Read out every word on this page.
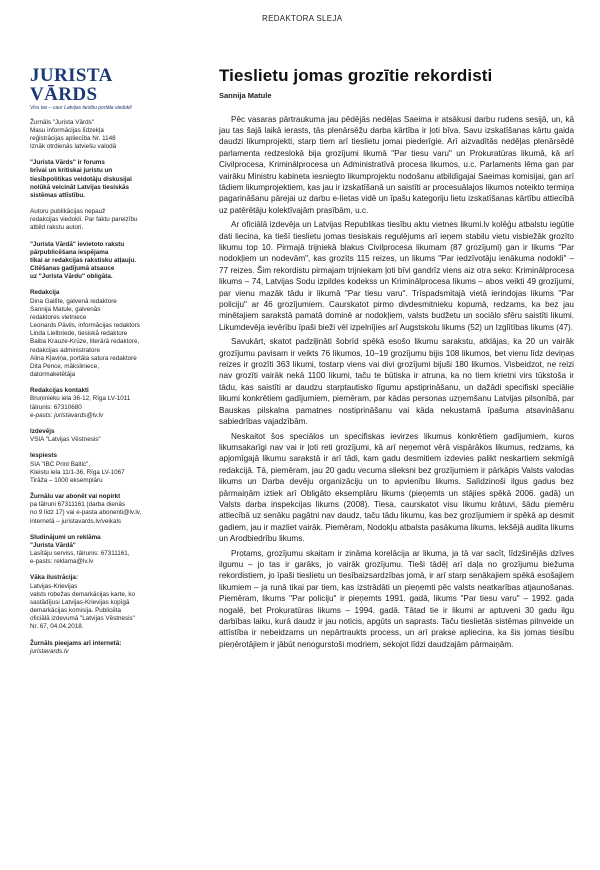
REDAKTORA SLEJA
JURISTA VĀRDS
Viss tas – caur Latvijas tiesību portāla viedokli
Žurnāls "Jurista Vārds"
Masu informācijas līdzekļa
reģistrācijas apliecība Nr. 1148
Iznāk otrdienās latviešu valodā
"Jurista Vārds" ir forums
brīvai un kritiskai juristu un
tiesībpolitikas veidotāju diskusijai
nolūkā veicināt Latvijas tiesiskās
sistēmas attīstību.
Autoru publikācijas nepauž
redakcijas viedokli. Par faktu pareizību
atbild rakstu autori.
"Jurista Vārdā" ievietoto rakstu
pārpublicēšana iespējama
tikai ar redakcijas rakstisku atļauju.
Citēšanas gadījumā atsauce
uz "Jurista Vārdu" obligāta.
Redakcija
Dina Gailīte, galvenā redaktore
Sannija Matule, galvenās
redaktores vietniece
Leonards Pāvils, informācijas redaktors
Linda Lielbriede, tiesiskā redaktore
Baiba Krauze-Krūze, literārā redaktore,
redakcijas administratore
Alina Kļaviņa, portāla satura redaktore
Dita Pence, māksliniece,
datormaketētāja
Redakcijas kontakti
Bruņinieku iela 36-12, Rīga LV-1011
tālrunis: 67310680
e-pasts: juristavards@lv.lv
Izdevējs
VSIA "Latvijas Vēstnesis"
Iespiests
SIA "IBC Print Baltic",
Kleistu iela 11/1-36, Rīga LV-1067
Tirāža – 1000 eksemplāru
Žurnālu var abonēt vai nopirkt
pa tālruni 67311161 (darba dienās
no 9 līdz 17) vai e-pasta abonenti@lv.lv,
internetā – juristavards.lv/veikals
Sludinājumi un reklāma
"Jurista Vārdā"
Lasītāju serviss, tālrunis: 67311161,
e-pasts: reklama@lv.lv
Vāka ilustrācija:
Latvijas-Krievijas
valsts robežas demarkācijas karte, ko
sastādījusi Latvijas-Krievijas kopīgā
demarkācijas komisija. Publicēta
oficiālā izdevumā "Latvijas Vēstnesis"
Nr. 67, 04.04.2018.
Žurnāls pieejams arī internetā:
juristavards.lv
Tieslietu jomas grozītie rekordisti
Sannija Matule

Pēc vasaras pārtraukuma jau pēdējās nedēļas Saeima ir atsākusi darbu rudens sesijā, un, kā jau tas šajā laikā ierasts, tās plenārsēžu darba kārtība ir ļoti bīva. Savu izskatīšanas kārtu gaida daudzi likumprojekti, starp tiem arī tieslietu jomai piederīgie. Arī aizvadītās nedēļas plenārsēdē parlamenta redzeslokā bija grozījumi likumā "Par tiesu varu" un Prokuratūras likumā, kā arī Civilprocesa, Kriminālprocesa un Administratīvā procesa likumos, u.c. Parlaments lēma gan par vairāku Ministru kabineta iesniegto likumprojektu nodošanu atbildīgajai Saeimas komisijai, gan arī tādiem likumprojektiem, kas jau ir izskatīšanā un saistīti ar procesuālajos likumos noteikto termiņa pagarināšanu pārejai uz darbu e-lietas vidē un īpašu kategoriju lietu izskatīšanas kārtību attiecībā uz patērētāju kolektīvajām prasībām, u.c.

Ar oficiālā izdevēja un Latvijas Republikas tiesību aktu vietnes likumi.lv kolēģu atbalstu iegūtie dati liecina, ka tiešī tieslietu jomas tiesiskais regulējums arī ieņem stabilu vietu visbiežāk grozīto likumu top 10. Pirmajā trijniekā blakus Civilprocesa likumam (87 grozījumi) gan ir likums "Par nodokļiem un nodevām", kas grozīts 115 reizes, un likums "Par iedzīvotāju ienākuma nodokli" – 77 reizes. Šim rekordistu pirmajam trijniekam ļoti bīvi gandrīz viens aiz otra seko: Kriminālprocesa likums – 74, Latvijas Sodu izpildes kodekss un Kriminālprocesa likums – abos veikti 49 grozījumi, par vienu mazāk tādu ir likumā "Par tiesu varu". Trīspadsmitajā vietā ierindojas likums "Par policiju" ar 46 grozījumiem. Caurskatot pirmo divdesmitnieku kopumā, redzams, ka bez jau minētajiem sarakstā pamatā dominē ar nodokļiem, valsts budžetu un sociālo sfēru saistīti likumi. Likumdevēja ievērību īpaši bieži vēl izpelnījies arī Augstskolu likums (52) un Izglītības likums (47).

Savukārt, skatot padziļināti šobrīd spēkā esošo likumu sarakstu, atklājas, ka 20 un vairāk grozījumu pavisam ir veikts 76 likumos, 10–19 grozījumu bijis 108 likumos, bet vienu līdz deviņas reizes ir grozīti 363 likumi, tostarp viens vai divi grozījumi bijuši 180 likumos. Visbeidzot, ne reizi nav grozīti vairāk nekā 1100 likumi, taču te būtiska ir atruna, ka no tiem krietni virs tūkstoša ir tādu, kas saistīti ar daudzu starptautisko līgumu apstiprināšanu, un dažādi specifiski speciālie likumi konkrētiem gadījumiem, piemēram, par kādas personas uzņemšanu Latvijas pilsonībā, par Bauskas pilskalna pamatnes nostiprināšanu vai kāda nekustamā īpašuma atsavināšanu sabiedrības vajadzībām.

Neskaitot šos speciālos un specifiskas ievirzes likumus konkrētiem gadījumiem, kuros likumsakarīgi nav vai ir ļoti reti grozījumi, kā arī neņemot vērā vispārākos likumus, redzams, ka apjomīgajā likumu sarakstā ir arī tādi, kam gadu desmitiem izdevies palikt neskartiem sekmīgā redakcijā. Tā, piemēram, jau 20 gadu vecuma slieksni bez grozījumiem ir pārkāpis Valsts valodas likums un Darba devēju organizāciju un to apvienību likums. Salīdzinoši ilgus gadus bez pārmaiņām iztiek arī Obligāto eksemplāru likums (pieņemts un stājies spēkā 2006. gadā) un Valsts darba inspekcijas likums (2008). Tiesa, caurskatot visu likumu krātuvi, šādu piemēru attiecībā uz senāku pagātni nav daudz, taču tādu likumu, kas bez grozījumiem ir spēkā ap desmit gadiem, jau ir mazliet vairāk. Piemēram, Nodokļu atbalsta pasākuma likums, lekšējā audita likums un Arodbiedrību likums.

Protams, grozījumu skaitam ir zināma korelācija ar likuma, ja tā var sacīt, līdzšinējās dzīves ilgumu – jo tas ir garāks, jo vairāk grozījumu. Tieši tādēļ arī daļa no grozījumu biežuma rekordistiem, jo īpaši tieslietu un tiesībaizsardzības jomā, ir arī starp senākajiem spēkā esošajiem likumiem – ja runā tikai par tiem, kas izstrādāti un pieņemti pēc valsts neatkarības atjaunošanas. Piemēram, likums "Par policiju" ir pieņemts 1991. gadā, likums "Par tiesu varu" – 1992. gada nogalē, bet Prokuratūras likums – 1994. gadā. Tātad tie ir likumi ar aptuveni 30 gadu ilgu darbības laiku, kurā daudz ir jau noticis, apgūts un saprasts. Taču tieslietās sistēmas pilnveide un attīstība ir nebeidzams un nepārtraukts process, un arī prakse apliecina, ka šis jomas tiesību pieņērotājiem ir jābūt nenogurstoši modriem, sekojot līdzi daudzajām pārmaiņām.
